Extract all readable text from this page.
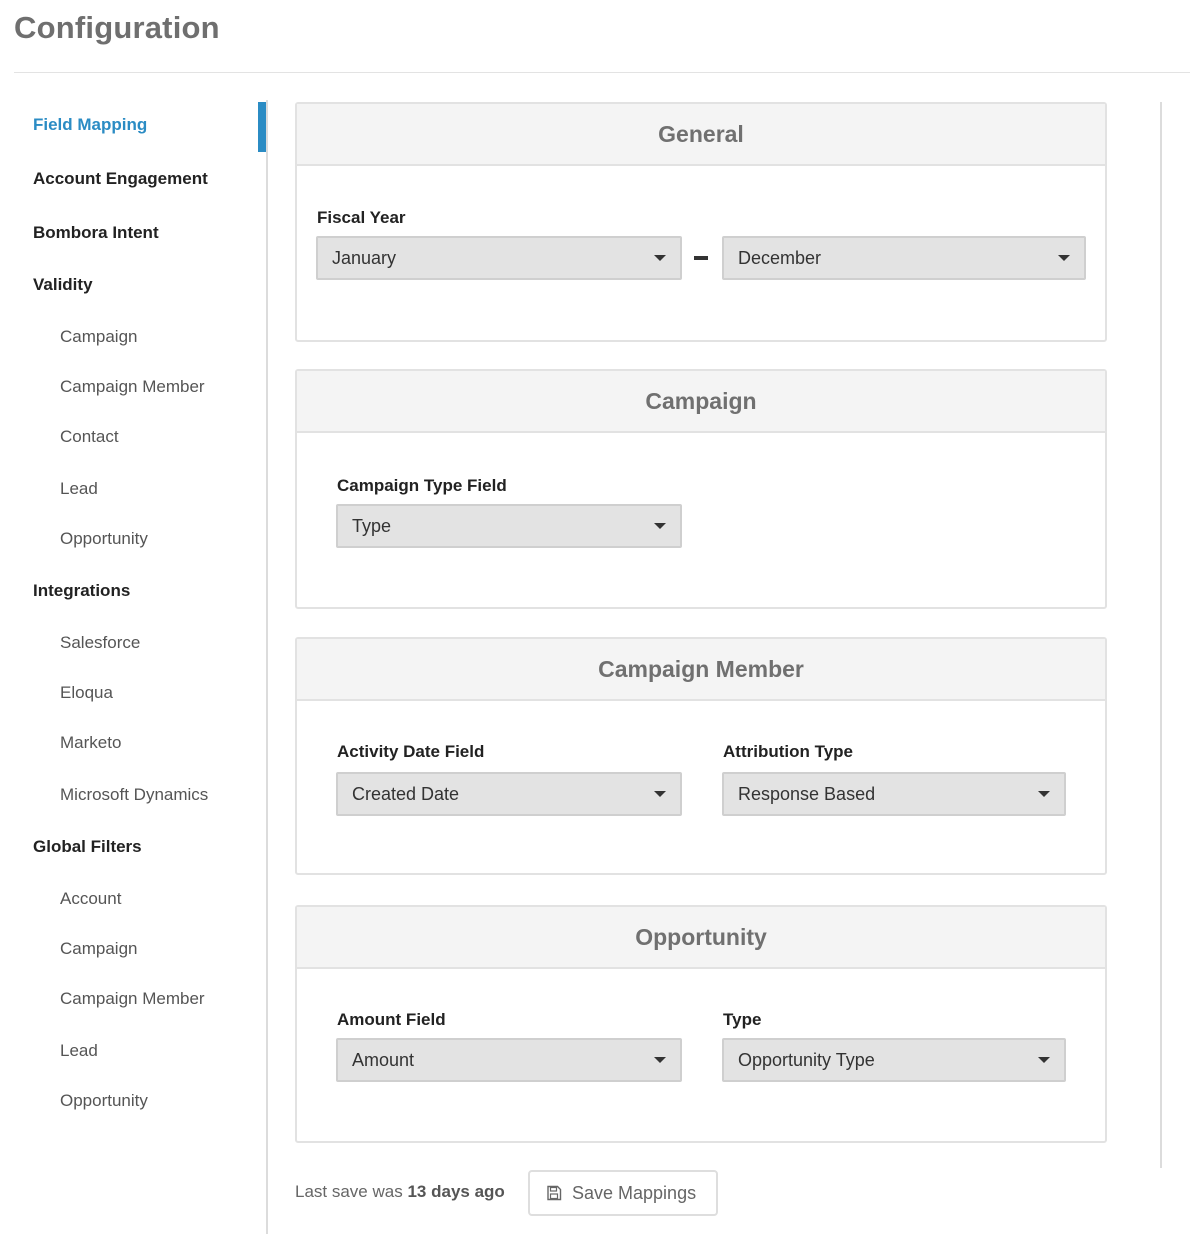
Configuration
Field Mapping
Account Engagement
Bombora Intent
Validity
Campaign
Campaign Member
Contact
Lead
Opportunity
Integrations
Salesforce
Eloqua
Marketo
Microsoft Dynamics
Global Filters
Account
Campaign
Campaign Member
Lead
Opportunity
General
Fiscal Year
January	December
Campaign
Campaign Type Field
Type
Campaign Member
Activity Date Field
Created Date
Attribution Type
Response Based
Opportunity
Amount Field
Amount
Type
Opportunity Type
Last save was 13 days ago	Save Mappings
